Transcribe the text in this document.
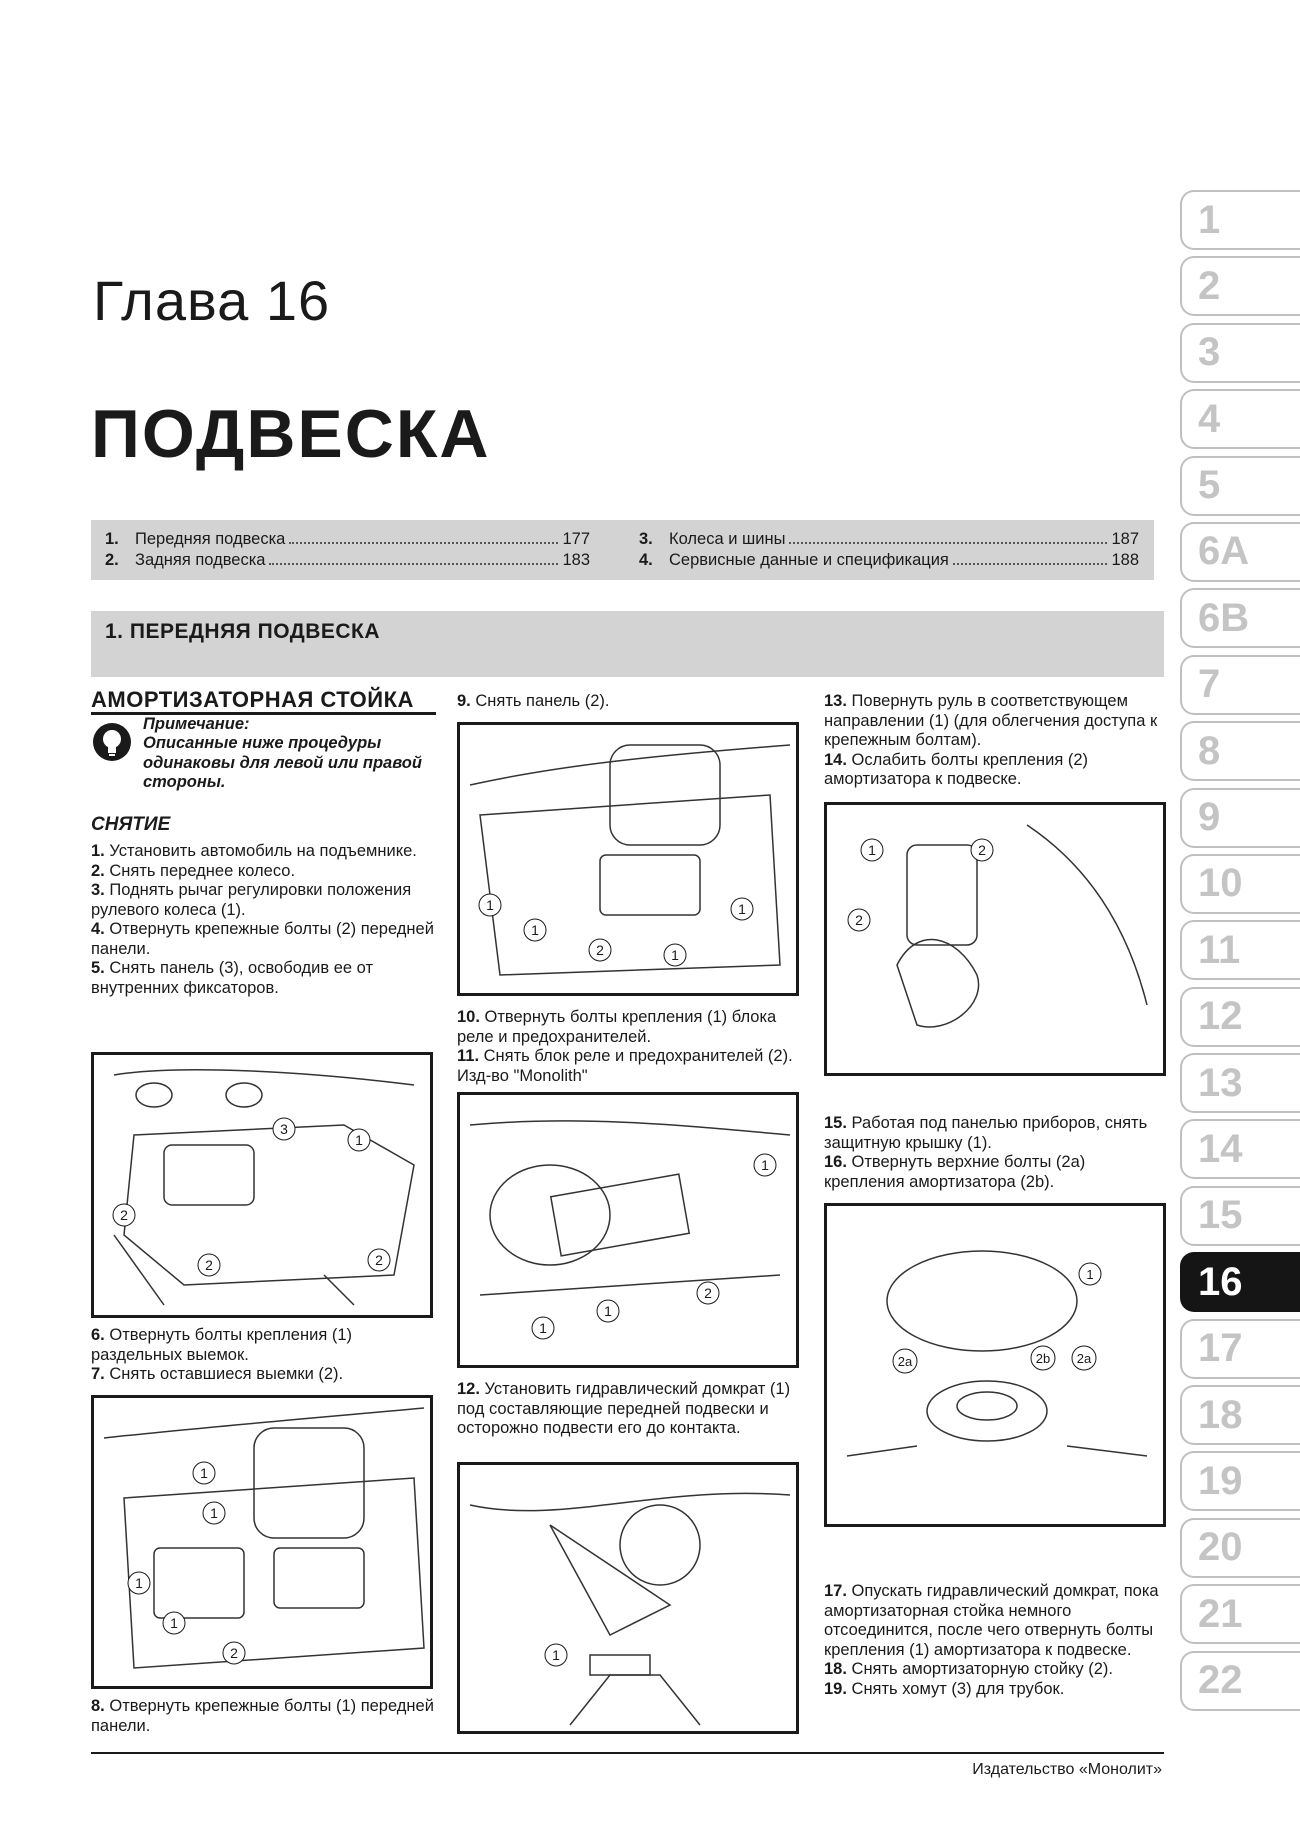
Глава 16
ПОДВЕСКА
1. Передняя подвеска	177
2. Задняя подвеска	183
3. Колеса и шины	187
4. Сервисные данные и спецификация	188
1. ПЕРЕДНЯЯ ПОДВЕСКА
АМОРТИЗАТОРНАЯ СТОЙКА
Примечание:
Описанные ниже процедуры одинаковы для левой или правой стороны.
СНЯТИЕ

1. Установить автомобиль на подъемнике.

2. Снять переднее колесо.

3. Поднять рычаг регулировки положения рулевого колеса (1).

4. Отвернуть крепежные болты (2) передней панели.

5. Снять панель (3), освободив ее от внутренних фиксаторов.

3
1
2
2	2

6. Отвернуть болты крепления (1) раздельных выемок.

7. Снять оставшиеся выемки (2).

1
1
1
1
2

8. Отвернуть крепежные болты (1) передней панели.

9. Снять панель (2).

1
1
2	1
1

10. Отвернуть болты крепления (1) блока реле и предохранителей.

11. Снять блок реле и предохранителей (2). Изд-во "Monolith"

1
2
1
1

12. Установить гидравлический домкрат (1) под составляющие передней подвески и осторожно подвести его до контакта.

1

13. Повернуть руль в соответствующем направлении (1) (для облегчения доступа к крепежным болтам).

14. Ослабить болты крепления (2) амортизатора к подвеске.

1	2
2

15. Работая под панелью приборов, снять защитную крышку (1).

16. Отвернуть верхние болты (2a) крепления амортизатора (2b).

1
2a	2b 2a

17. Опускать гидравлический домкрат, пока амортизаторная стойка немного отсоединится, после чего отвернуть болты крепления (1) амортизатора к подвеске.

18. Снять амортизаторную стойку (2).

19. Снять хомут (3) для трубок.

1
2
3
4
5
6A
6B
7
8
9
10
11
12
13
14
15
16
17
18
19
20
21
22
Издательство «Монолит»
